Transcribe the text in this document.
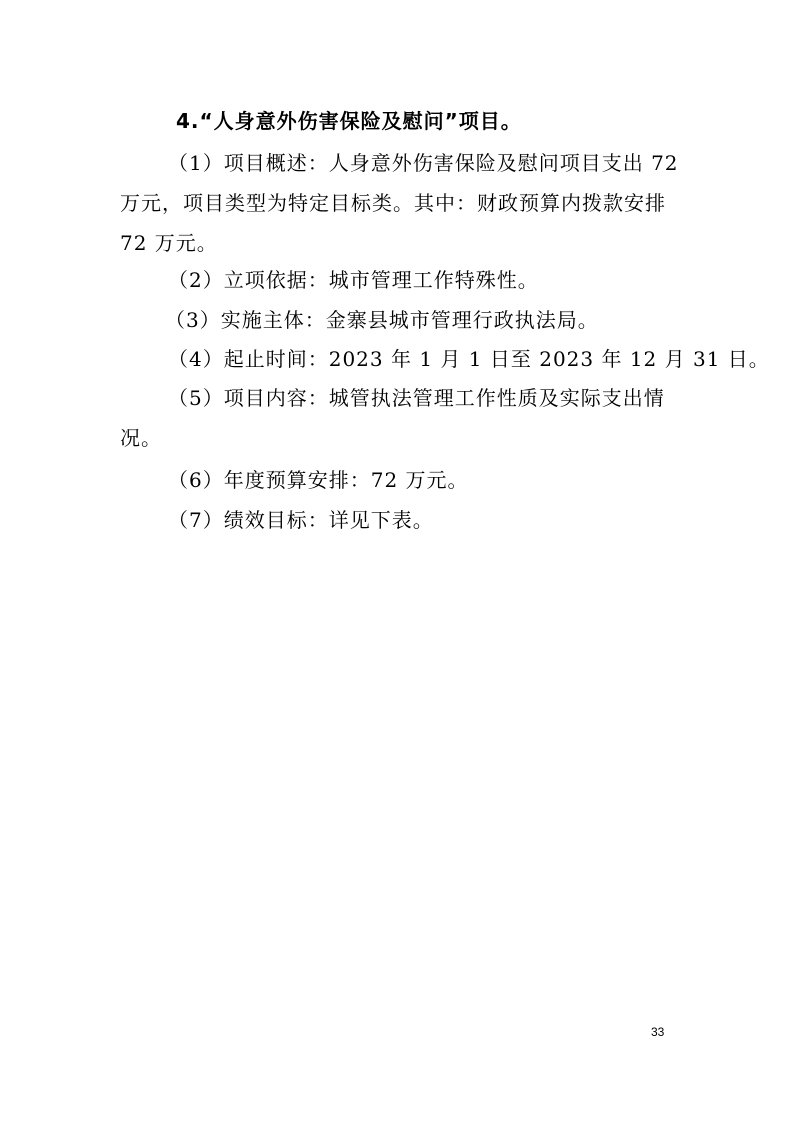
4.“人身意外伤害保险及慰问”项目。
（1）项目概述：人身意外伤害保险及慰问项目支出 72
万元，项目类型为特定目标类。其中：财政预算内拨款安排
72 万元。
（2）立项依据：城市管理工作特殊性。
（3）实施主体：金寨县城市管理行政执法局。
（4）起止时间：2023 年 1 月 1 日至 2023 年 12 月 31 日。
（5）项目内容：城管执法管理工作性质及实际支出情
况。
（6）年度预算安排：72 万元。
（7）绩效目标：详见下表。
33
